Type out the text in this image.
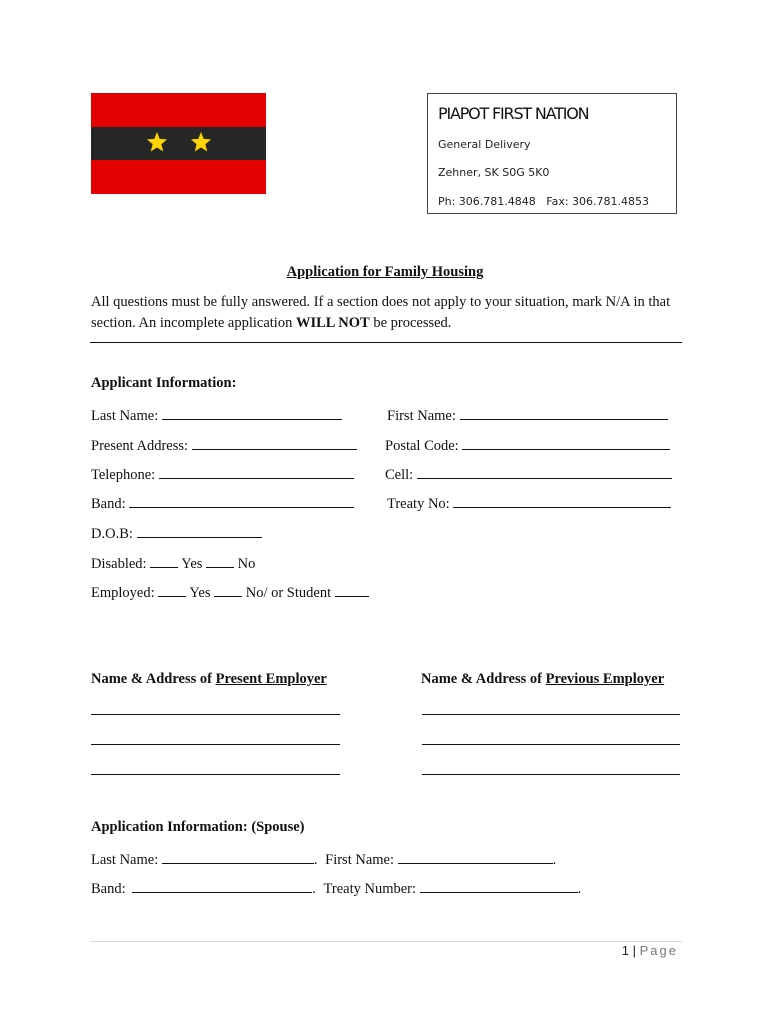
PIAPOT FIRST NATION
General Delivery
Zehner, SK S0G 5K0
Ph: 306.781.4848   Fax: 306.781.4853
Application for Family Housing
All questions must be fully answered. If a section does not apply to your situation, mark N/A in that section. An incomplete application WILL NOT be processed.
Applicant Information:
Last Name:	First Name:
Present Address:	Postal Code:
Telephone:	Cell:
Band:	Treaty No:
D.O.B:
Disabled: Yes No
Employed: Yes No/ or Student
Name & Address of Present Employer	Name & Address of Previous Employer
Application Information: (Spouse)
Last Name:	. First Name:	.
Band:	. Treaty Number:	.
1 | Page
